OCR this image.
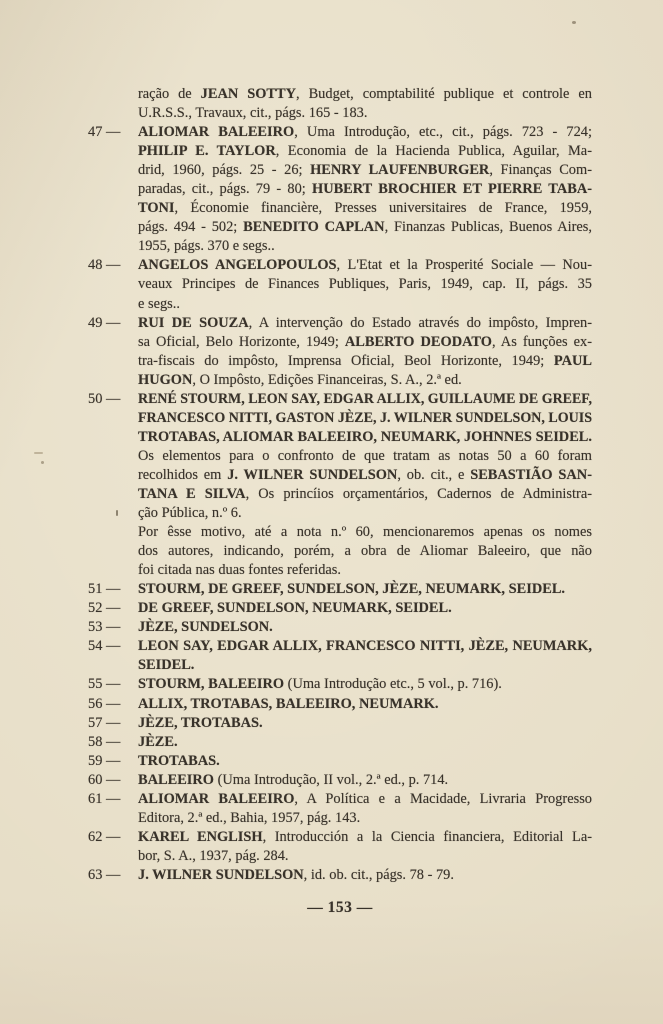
ração de JEAN SOTTY, Budget, comptabilité publique et controle en
U.R.S.S., Travaux, cit., págs. 165 - 183.
47 —	ALIOMAR BALEEIRO, Uma Introdução, etc., cit., págs. 723 - 724;
PHILIP E. TAYLOR, Economia de la Hacienda Publica, Aguilar, Ma-
drid, 1960, págs. 25 - 26; HENRY LAUFENBURGER, Finanças Com-
paradas, cit., págs. 79 - 80; HUBERT BROCHIER ET PIERRE TABA-
TONI, Économie financière, Presses universitaires de France, 1959,
págs. 494 - 502; BENEDITO CAPLAN, Finanzas Publicas, Buenos Aires,
1955, págs. 370 e segs..
48 —	ANGELOS ANGELOPOULOS, L'Etat et la Prosperité Sociale — Nou-
veaux Principes de Finances Publiques, Paris, 1949, cap. II, págs. 35
e segs..
49 —	RUI DE SOUZA, A intervenção do Estado através do impôsto, Impren-
sa Oficial, Belo Horizonte, 1949; ALBERTO DEODATO, As funções ex-
tra-fiscais do impôsto, Imprensa Oficial, Beol Horizonte, 1949; PAUL
HUGON, O Impôsto, Edições Financeiras, S. A., 2.ª ed.
50 —	RENÉ STOURM, LEON SAY, EDGAR ALLIX, GUILLAUME DE GREEF,
FRANCESCO NITTI, GASTON JÈZE, J. WILNER SUNDELSON, LOUIS
TROTABAS, ALIOMAR BALEEIRO, NEUMARK, JOHNNES SEIDEL.
Os elementos para o confronto de que tratam as notas 50 a 60 foram
recolhidos em J. WILNER SUNDELSON, ob. cit., e SEBASTIÃO SAN-
TANA E SILVA, Os princíios orçamentários, Cadernos de Administra-
ção Pública, n.º 6.
Por êsse motivo, até a nota n.º 60, mencionaremos apenas os nomes
dos autores, indicando, porém, a obra de Aliomar Baleeiro, que não
foi citada nas duas fontes referidas.
51 —	STOURM, DE GREEF, SUNDELSON, JÈZE, NEUMARK, SEIDEL.
52 —	DE GREEF, SUNDELSON, NEUMARK, SEIDEL.
53 —	JÈZE, SUNDELSON.
54 —	LEON SAY, EDGAR ALLIX, FRANCESCO NITTI, JÈZE, NEUMARK,
SEIDEL.
55 —	STOURM, BALEEIRO (Uma Introdução etc., 5 vol., p. 716).
56 —	ALLIX, TROTABAS, BALEEIRO, NEUMARK.
57 —	JÈZE, TROTABAS.
58 —	JÈZE.
59 —	TROTABAS.
60 —	BALEEIRO (Uma Introdução, II vol., 2.ª ed., p. 714.
61 —	ALIOMAR BALEEIRO, A Política e a Macidade, Livraria Progresso
Editora, 2.ª ed., Bahia, 1957, pág. 143.
62 —	KAREL ENGLISH, Introducción a la Ciencia financiera, Editorial La-
bor, S. A., 1937, pág. 284.
63 —	J. WILNER SUNDELSON, id. ob. cit., págs. 78 - 79.
— 153 —
